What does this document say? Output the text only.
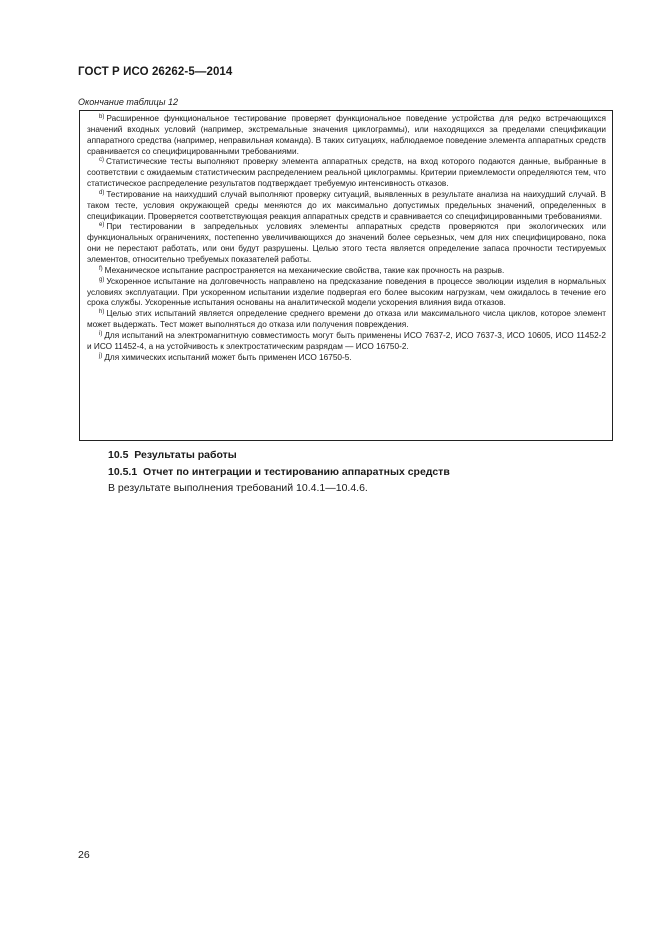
ГОСТ Р ИСО 26262-5—2014
Окончание таблицы 12

$^{b)}$ Расширенное функциональное тестирование проверяет функциональное поведение устройства для редко встречающихся значений входных условий (например, экстремальные значения циклограммы), или находящихся за пределами спецификации аппаратного средства (например, неправильная команда). В таких ситуациях, наблюдаемое поведение элемента аппаратных средств сравнивается со специфицированными требованиями.

$^{c)}$ Статистические тесты выполняют проверку элемента аппаратных средств, на вход которого подаются данные, выбранные в соответствии с ожидаемым статистическим распределением реальной циклограммы. Критерии приемлемости определяются тем, что статистическое распределение результатов подтверждает требуемую интенсивность отказов.

$^{d)}$ Тестирование на наихудший случай выполняют проверку ситуаций, выявленных в результате анализа на наихудший случай. В таком тесте, условия окружающей среды меняются до их максимально допустимых предельных значений, определенных в спецификации. Проверяется соответствующая реакция аппаратных средств и сравнивается со специфицированными требованиями.

$^{e)}$ При тестировании в запредельных условиях элементы аппаратных средств проверяются при экологических или функциональных ограничениях, постепенно увеличивающихся до значений более серьезных, чем для них специфицировано, пока они не перестают работать, или они будут разрушены. Целью этого теста является определение запаса прочности тестируемых элементов, относительно требуемых показателей работы.

$^{f)}$ Механическое испытание распространяется на механические свойства, такие как прочность на разрыв.

$^{g)}$ Ускоренное испытание на долговечность направлено на предсказание поведения в процессе эволюции изделия в нормальных условиях эксплуатации. При ускоренном испытании изделие подвергая его более высоким нагрузкам, чем ожидалось в течение его срока службы. Ускоренные испытания основаны на аналитической модели ускорения влияния вида отказов.

$^{h)}$ Целью этих испытаний является определение среднего времени до отказа или максимального числа циклов, которое элемент может выдержать. Тест может выполняться до отказа или получения повреждения.

$^{i)}$ Для испытаний на электромагнитную совместимость могут быть применены ИСО 7637-2, ИСО 7637-3, ИСО 10605, ИСО 11452-2 и ИСО 11452-4, а на устойчивость к электростатическим разрядам — ИСО 16750-2.

$^{j)}$ Для химических испытаний может быть применен ИСО 16750-5.

10.5 Результаты работы
10.5.1 Отчет по интеграции и тестированию аппаратных средств
В результате выполнения требований 10.4.1—10.4.6.
26
